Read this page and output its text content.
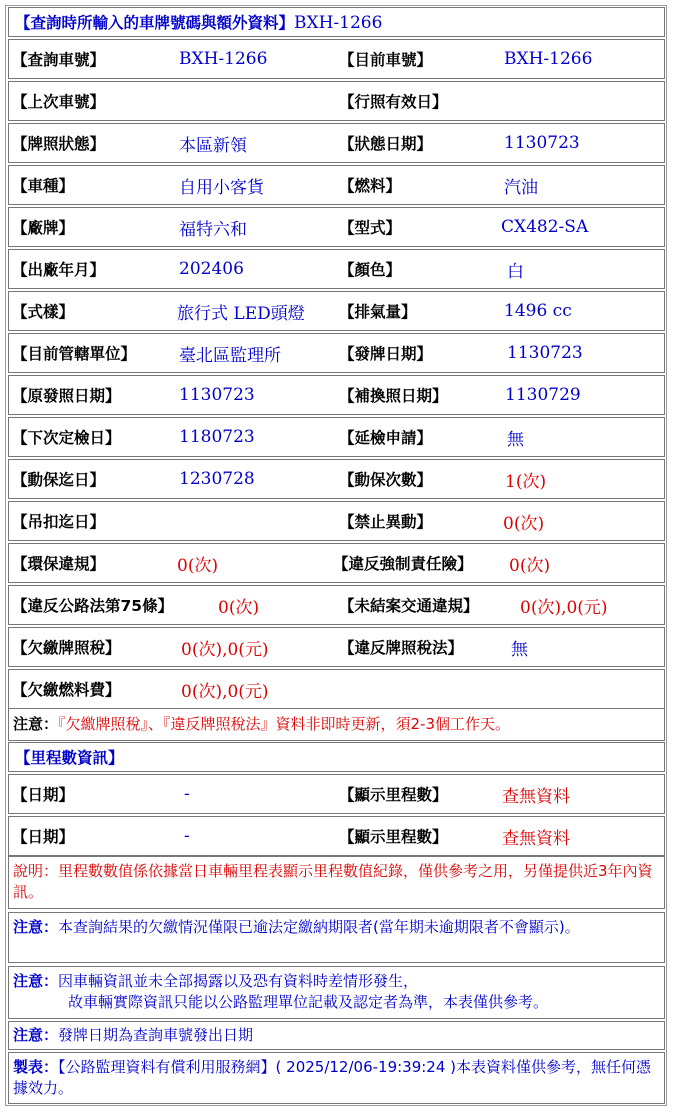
【查詢時所輸入的車牌號碼與額外資料】BXH-1266
【查詢車號】	BXH-1266	【目前車號】	BXH-1266
【上次車號】	【行照有效日】
【牌照狀態】	本區新領	【狀態日期】	1130723
【車種】	自用小客貨	【燃料】	汽油
【廠牌】	福特六和	【型式】	CX482-SA
【出廠年月】	202406	【顏色】	白
【式樣】	旅行式 LED頭燈 【排氣量】	1496 cc
【目前管轄單位】	臺北區監理所	【發牌日期】	1130723
【原發照日期】	1130723	【補換照日期】	1130729
【下次定檢日】	1180723	【延檢申請】	無
【動保迄日】	1230728	【動保次數】	1(次)
【吊扣迄日】	【禁止異動】	0(次)
【環保違規】	0(次)	【違反強制責任險】 0(次)
【違反公路法第75條】	0(次)	【未結案交通違規】 0(次),0(元)
【欠繳牌照稅】	0(次),0(元)	【違反牌照稅法】	無
【欠繳燃料費】	0(次),0(元)
注意：『欠繳牌照稅』、『違反牌照稅法』資料非即時更新，須2-3個工作天。
【里程數資訊】
【日期】	-	【顯示里程數】	查無資料
【日期】	-	【顯示里程數】	查無資料
說明：里程數數值係依據當日車輛里程表顯示里程數值紀錄，僅供參考之用，另僅提供近3年內資訊。
注意：本查詢結果的欠繳情況僅限已逾法定繳納期限者(當年期未逾期限者不會顯示)。
注意：因車輛資訊並未全部揭露以及恐有資料時差情形發生，
故車輛實際資訊只能以公路監理單位記載及認定者為準，本表僅供參考。
注意：發牌日期為查詢車號發出日期
製表：【公路監理資料有償利用服務網】( 2025/12/06-19:39:24 )本表資料僅供參考，無任何憑據效力。
